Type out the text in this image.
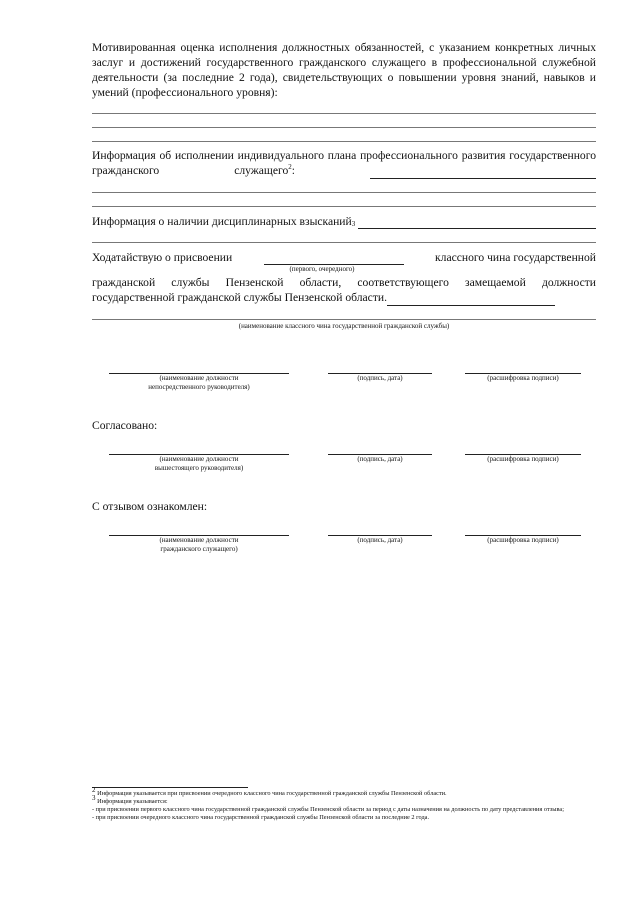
Мотивированная оценка исполнения должностных обязанностей, с указанием конкретных личных заслуг и достижений государственного гражданского служащего в профессиональной служебной деятельности (за последние 2 года), свидетельствующих о повышении уровня знаний, навыков и умений (профессионального уровня):
Информация об исполнении индивидуального плана профессионального развития государственного гражданского служащего$^2$:
Информация о наличии дисциплинарных взысканий$^3$

Ходатайствую о присвоении
	классного чина государственной
(первого, очередного)
гражданской службы Пензенской области, соответствующего замещаемой должности государственной гражданской службы Пензенской области.
(наименование классного чина государственной гражданской службы)
(наименование должности непосредственного руководителя)
(подпись, дата)	(расшифровка подписи)
Согласовано:
(наименование должности вышестоящего руководителя)
(подпись, дата)	(расшифровка подписи)
С отзывом ознакомлен:
(наименование должности гражданского служащего)
(подпись, дата)	(расшифровка подписи)
$^2$ Информация указывается при присвоении очередного классного чина государственной гражданской службы Пензенской области.
$^3$ Информация указывается:
- при присвоении первого классного чина государственной гражданской службы Пензенской области за период с даты назначения на должность по дату представления отзыва;
- при присвоении очередного классного чина государственной гражданской службы Пензенской области за последние 2 года.
